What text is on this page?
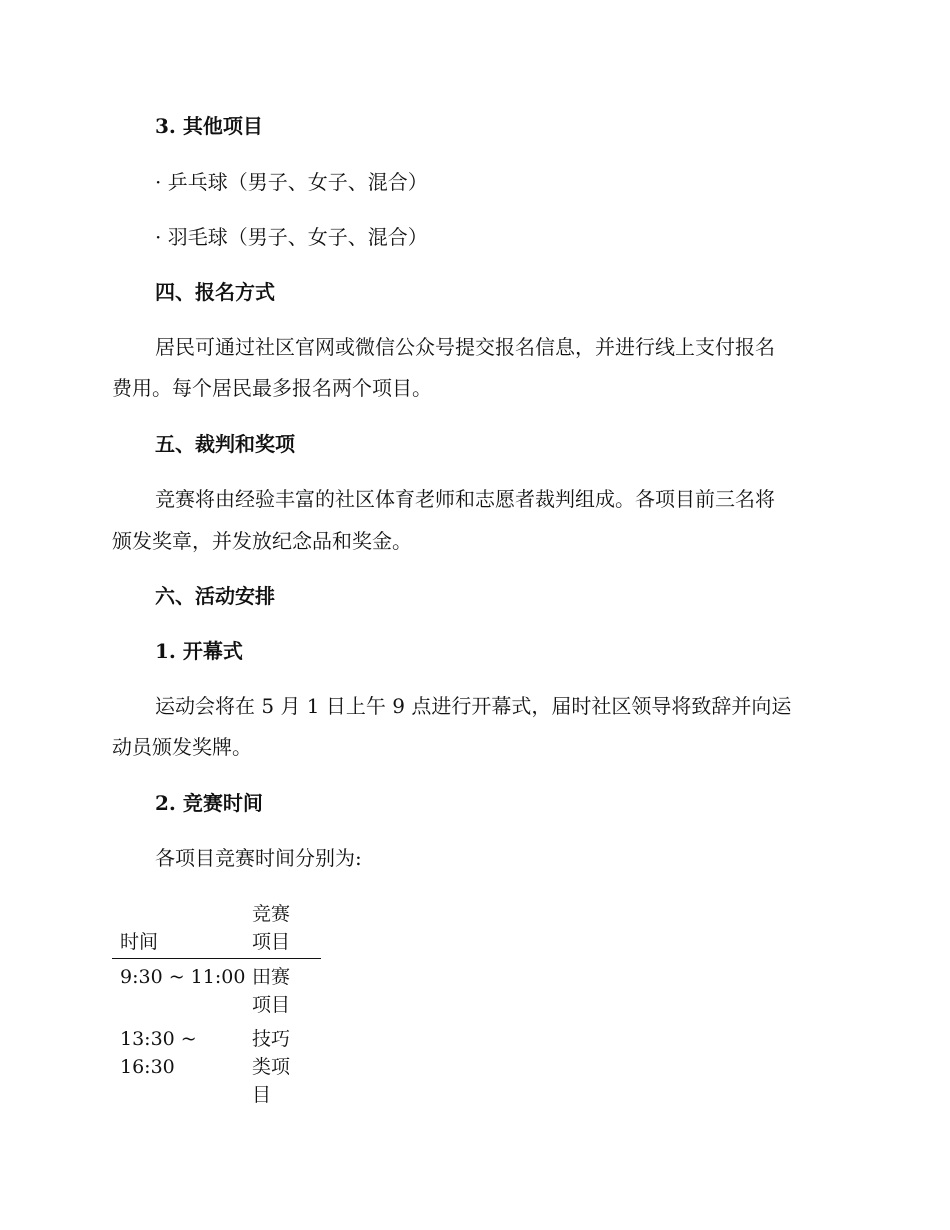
3. 其他项目
· 乒乓球（男子、女子、混合）
· 羽毛球（男子、女子、混合）
四、报名方式
居民可通过社区官网或微信公众号提交报名信息，并进行线上支付报名
费用。每个居民最多报名两个项目。
五、裁判和奖项
竞赛将由经验丰富的社区体育老师和志愿者裁判组成。各项目前三名将
颁发奖章，并发放纪念品和奖金。
六、活动安排
1. 开幕式
运动会将在 5 月 1 日上午 9 点进行开幕式，届时社区领导将致辞并向运
动员颁发奖牌。
2. 竞赛时间
各项目竞赛时间分别为:
竞赛
项目
时间
9:30 ~ 11:00 田赛
项目
13:30 ~
16:30
技巧
类项
目
